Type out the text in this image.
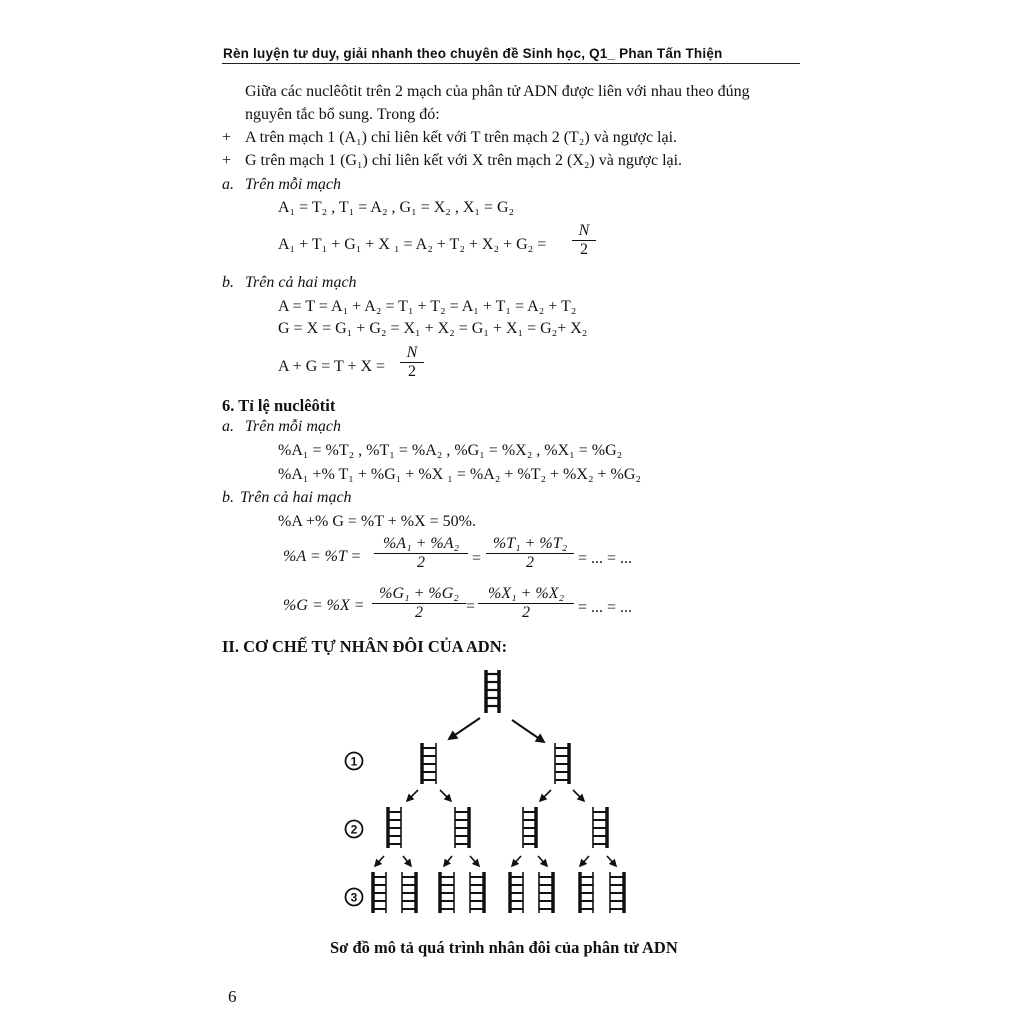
Rèn luyện tư duy, giải nhanh theo chuyên đề Sinh học, Q1_ Phan Tấn Thiện
Giữa các nuclêôtit trên 2 mạch của phân tử ADN được liên với nhau theo đúng
nguyên tắc bổ sung. Trong đó:
+ A trên mạch 1 (A₁) chỉ liên kết với T trên mạch 2 (T₂) và ngược lại.
+ G trên mạch 1 (G₁) chỉ liên kết với X trên mạch 2 (X₂) và ngược lại.
a. Trên mỗi mạch
A₁ = T₂ , T₁ = A₂ , G₁ = X₂ , X₁ = G₂
A₁ + T₁ + G₁ + X ₁ = A₂ + T₂ + X₂ + G₂ =
N
2
b. Trên cả hai mạch
A = T = A₁ + A₂ = T₁ + T₂ = A₁ + T₁ = A₂ + T₂
G = X = G₁ + G₂ = X₁ + X₂ = G₁ + X₁ = G₂+ X₂
A + G = T + X =
N
2
6. Tỉ lệ nuclêôtit
a. Trên mỗi mạch
%A₁ = %T₂ , %T₁ = %A₂ , %G₁ = %X₂ , %X₁ = %G₂
%A₁ +% T₁ + %G₁ + %X ₁ = %A₂ + %T₂ + %X₂ + %G₂
b. Trên cả hai mạch
%A +% G = %T + %X = 50%.
%A = %T =
%A₁ + %A₂
2	=
%T₁ + %T₂
2	= ... = ...
%G = %X =
%G₁ + %G₂
2	=
%X₁ + %X₂
2	= ... = ...
II. CƠ CHẾ TỰ NHÂN ĐÔI CỦA ADN:
1
2
3
Sơ đồ mô tả quá trình nhân đôi của phân tử ADN
6
